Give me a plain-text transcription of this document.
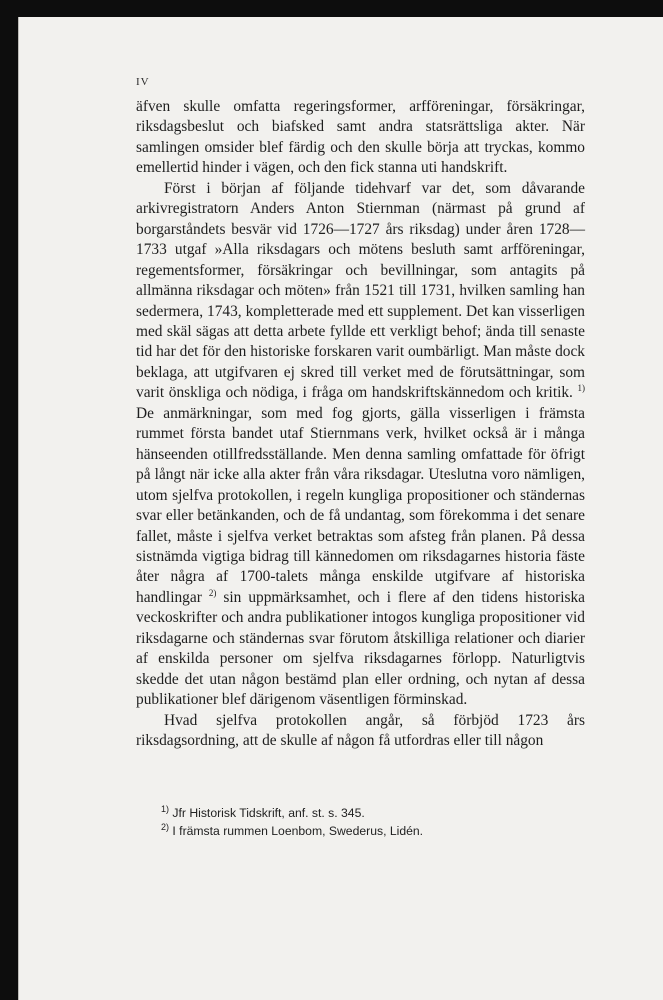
IV

äfven skulle omfatta regeringsformer, arfföreningar, försäkringar, riksdagsbeslut och biafsked samt andra statsrättsliga akter. När samlingen omsider blef färdig och den skulle börja att tryckas, kommo emellertid hinder i vägen, och den fick stanna uti handskrift.

Först i början af följande tidehvarf var det, som dåvarande arkivregistratorn Anders Anton Stiernman (närmast på grund af borgarståndets besvär vid 1726—1727 års riksdag) under åren 1728—1733 utgaf »Alla riksdagars och mötens besluth samt arfföreningar, regementsformer, försäkringar och bevillningar, som antagits på allmänna riksdagar och möten» från 1521 till 1731, hvilken samling han sedermera, 1743, kompletterade med ett supplement. Det kan visserligen med skäl sägas att detta arbete fyllde ett verkligt behof; ända till senaste tid har det för den historiske forskaren varit oumbärligt. Man måste dock beklaga, att utgifvaren ej skred till verket med de förutsättningar, som varit önskliga och nödiga, i fråga om handskriftskännedom och kritik. $^{1)}$ De anmärkningar, som med fog gjorts, gälla visserligen i främsta rummet första bandet utaf Stiernmans verk, hvilket också är i många hänseenden otillfredsställande. Men denna samling omfattade för öfrigt på långt när icke alla akter från våra riksdagar. Uteslutna voro nämligen, utom sjelfva protokollen, i regeln kungliga propositioner och ständernas svar eller betänkanden, och de få undantag, som förekomma i det senare fallet, måste i sjelfva verket betraktas som afsteg från planen. På dessa sistnämda vigtiga bidrag till kännedomen om riksdagarnes historia fäste åter några af 1700-talets många enskilde utgifvare af historiska handlingar $^{2)}$ sin uppmärksamhet, och i flere af den tidens historiska veckoskrifter och andra publikationer intogos kungliga propositioner vid riksdagarne och ständernas svar förutom åtskilliga relationer och diarier af enskilda personer om sjelfva riksdagarnes förlopp. Naturligtvis skedde det utan någon bestämd plan eller ordning, och nytan af dessa publikationer blef därigenom väsentligen förminskad.

Hvad sjelfva protokollen angår, så förbjöd 1723 års riksdagsordning, att de skulle af någon få utfordras eller till någon

$^{1)}$ Jfr Historisk Tidskrift, anf. st. s. 345.
$^{2)}$ I främsta rummen Loenbom, Swederus, Lidén.
